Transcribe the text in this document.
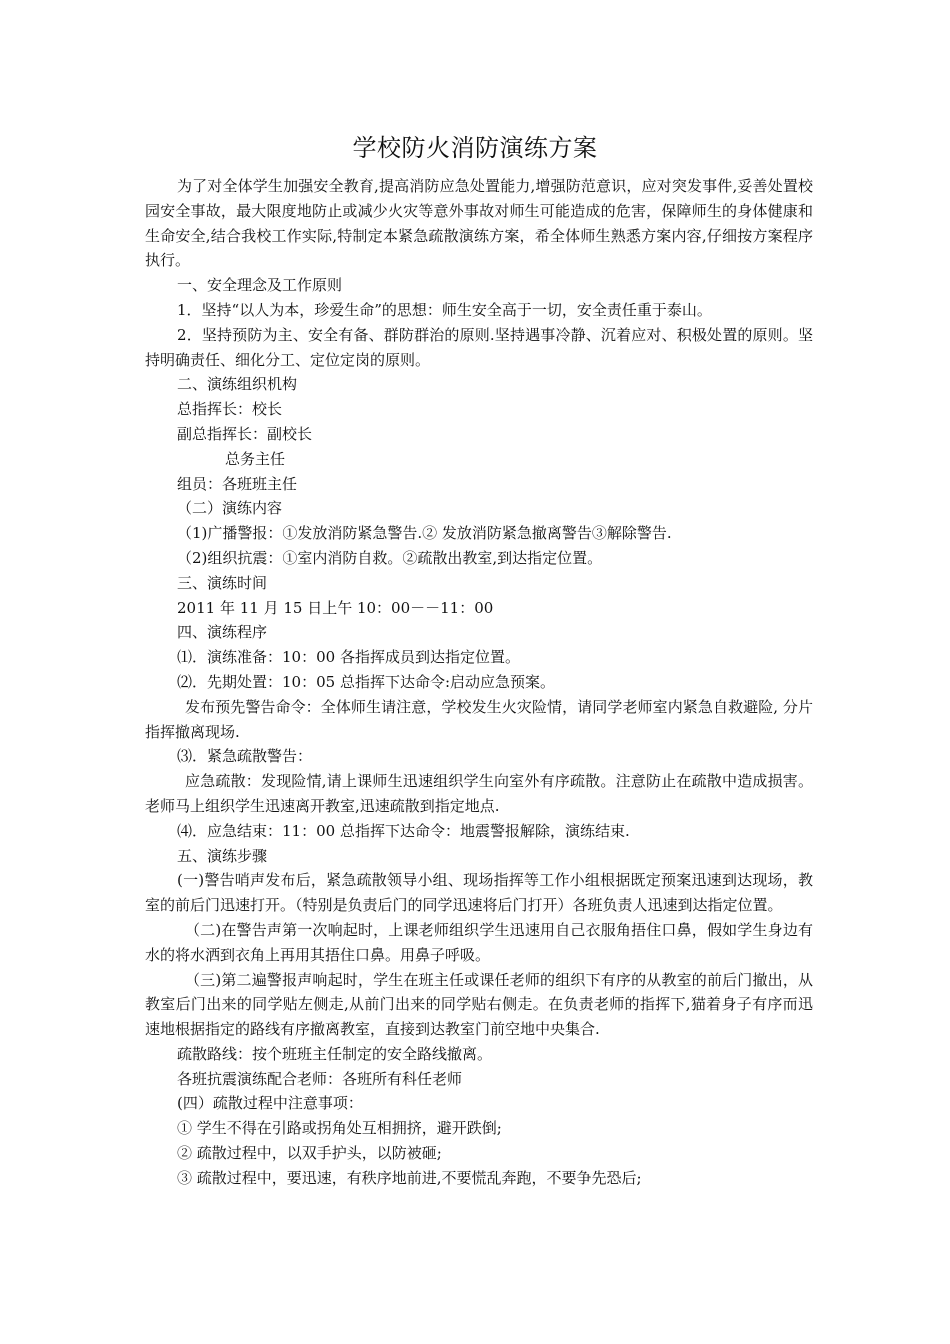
学校防火消防演练方案

为了对全体学生加强安全教育,提高消防应急处置能力,增强防范意识，应对突发事件,妥善处置校园安全事故，最大限度地防止或减少火灾等意外事故对师生可能造成的危害，保障师生的身体健康和生命安全,结合我校工作实际,特制定本紧急疏散演练方案，希全体师生熟悉方案内容,仔细按方案程序执行。

一、安全理念及工作原则

1．坚持“以人为本，珍爱生命”的思想：师生安全高于一切，安全责任重于泰山。

2．坚持预防为主、安全有备、群防群治的原则.坚持遇事冷静、沉着应对、积极处置的原则。坚持明确责任、细化分工、定位定岗的原则。

二、演练组织机构

总指挥长：校长

副总指挥长：副校长

总务主任

组员：各班班主任

（二）演练内容

（1)广播警报：①发放消防紧急警告.② 发放消防紧急撤离警告③解除警告.

（2)组织抗震：①室内消防自救。②疏散出教室,到达指定位置。

三、演练时间

2011 年 11 月 15 日上午 10：00－－11：00

四、演练程序

⑴．演练准备：10：00 各指挥成员到达指定位置。

⑵．先期处置：10：05 总指挥下达命令:启动应急预案。

发布预先警告命令：全体师生请注意，学校发生火灾险情，请同学老师室内紧急自救避险, 分片指挥撤离现场.

⑶．紧急疏散警告：

应急疏散：发现险情,请上课师生迅速组织学生向室外有序疏散。注意防止在疏散中造成损害。老师马上组织学生迅速离开教室,迅速疏散到指定地点.

⑷．应急结束：11：00 总指挥下达命令：地震警报解除，演练结束.

五、演练步骤

(一)警告哨声发布后，紧急疏散领导小组、现场指挥等工作小组根据既定预案迅速到达现场，教室的前后门迅速打开。（特别是负责后门的同学迅速将后门打开）各班负责人迅速到达指定位置。

（二)在警告声第一次响起时，上课老师组织学生迅速用自己衣服角捂住口鼻，假如学生身边有水的将水洒到衣角上再用其捂住口鼻。用鼻子呼吸。

（三)第二遍警报声响起时，学生在班主任或课任老师的组织下有序的从教室的前后门撤出，从教室后门出来的同学贴左侧走,从前门出来的同学贴右侧走。在负责老师的指挥下,猫着身子有序而迅速地根据指定的路线有序撤离教室，直接到达教室门前空地中央集合.

疏散路线：按个班班主任制定的安全路线撤离。

各班抗震演练配合老师：各班所有科任老师

(四）疏散过程中注意事项：

① 学生不得在引路或拐角处互相拥挤，避开跌倒;

② 疏散过程中，以双手护头，以防被砸;

③ 疏散过程中，要迅速，有秩序地前进,不要慌乱奔跑，不要争先恐后;
